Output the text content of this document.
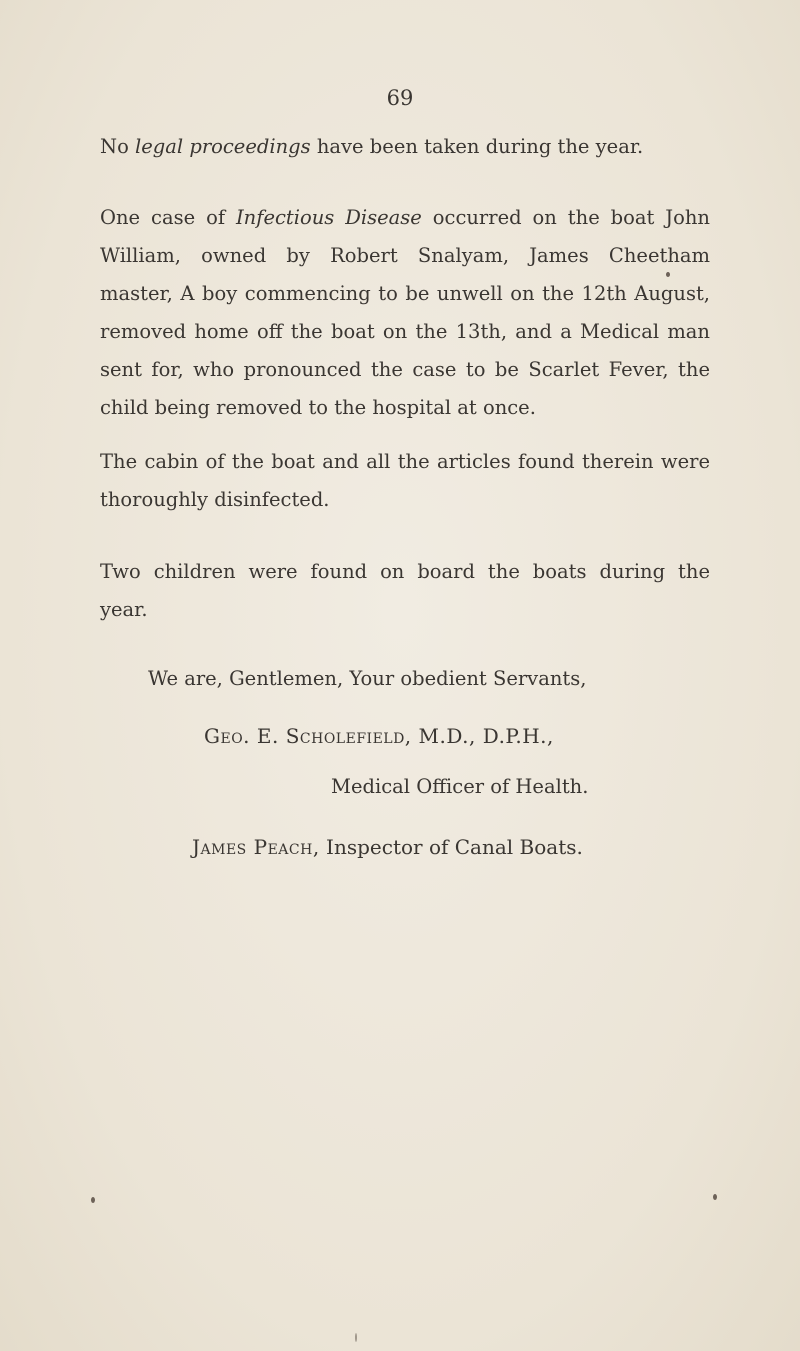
69
No legal proceedings have been taken during the year.
One case of Infectious Disease occurred on the boat John
William, owned by Robert Snalyam, James Cheetham
master, A boy commencing to be unwell on the 12th August,
removed home off the boat on the 13th, and a Medical man
sent for, who pronounced the case to be Scarlet Fever, the
child being removed to the hospital at once.
The cabin of the boat and all the articles found therein were
thoroughly disinfected.
Two children were found on board the boats during the
year.
We are, Gentlemen, Your obedient Servants,
Geo. E. Scholefield, M.D., D.P.H.,
Medical Officer of Health.
James Peach, Inspector of Canal Boats.
